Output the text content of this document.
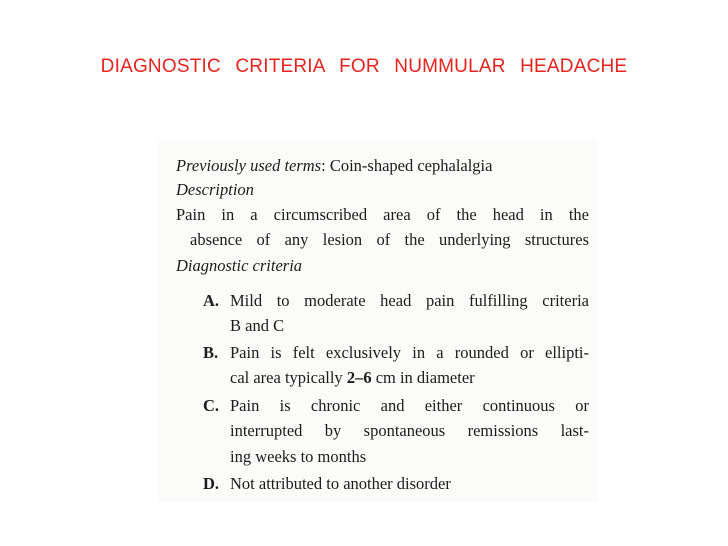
DIAGNOSTIC CRITERIA FOR NUMMULAR HEADACHE
Previously used terms: Coin-shaped cephalalgia
Description
Pain in a circumscribed area of the head in the
absence of any lesion of the underlying structures
Diagnostic criteria
A. Mild to moderate head pain fulfilling criteria
B and C
B. Pain is felt exclusively in a rounded or ellipti-
cal area typically 2–6 cm in diameter
C. Pain is chronic and either continuous or
interrupted by spontaneous remissions last-
ing weeks to months
D. Not attributed to another disorder
